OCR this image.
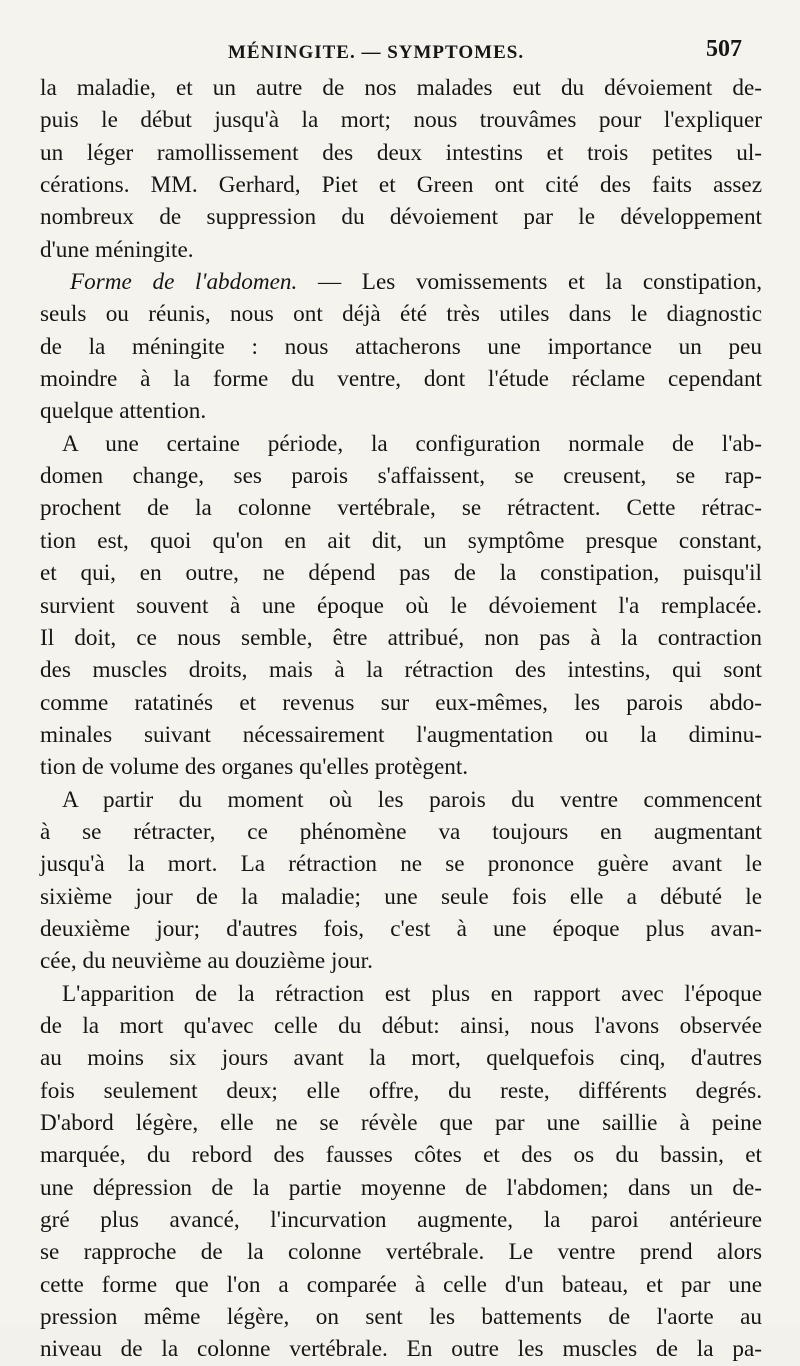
MÉNINGITE. — SYMPTOMES.	507
la maladie, et un autre de nos malades eut du dévoiement de-
puis le début jusqu'à la mort; nous trouvâmes pour l'expliquer
un léger ramollissement des deux intestins et trois petites ul-
cérations. MM. Gerhard, Piet et Green ont cité des faits assez
nombreux de suppression du dévoiement par le développement
d'une méningite.
Forme de l'abdomen. — Les vomissements et la constipation,
seuls ou réunis, nous ont déjà été très utiles dans le diagnostic
de la méningite : nous attacherons une importance un peu
moindre à la forme du ventre, dont l'étude réclame cependant
quelque attention.
A une certaine période, la configuration normale de l'ab-
domen change, ses parois s'affaissent, se creusent, se rap-
prochent de la colonne vertébrale, se rétractent. Cette rétrac-
tion est, quoi qu'on en ait dit, un symptôme presque constant,
et qui, en outre, ne dépend pas de la constipation, puisqu'il
survient souvent à une époque où le dévoiement l'a remplacée.
Il doit, ce nous semble, être attribué, non pas à la contraction
des muscles droits, mais à la rétraction des intestins, qui sont
comme ratatinés et revenus sur eux-mêmes, les parois abdo-
minales suivant nécessairement l'augmentation ou la diminu-
tion de volume des organes qu'elles protègent.
A partir du moment où les parois du ventre commencent
à se rétracter, ce phénomène va toujours en augmentant
jusqu'à la mort. La rétraction ne se prononce guère avant le
sixième jour de la maladie; une seule fois elle a débuté le
deuxième jour; d'autres fois, c'est à une époque plus avan-
cée, du neuvième au douzième jour.
L'apparition de la rétraction est plus en rapport avec l'époque
de la mort qu'avec celle du début: ainsi, nous l'avons observée
au moins six jours avant la mort, quelquefois cinq, d'autres
fois seulement deux; elle offre, du reste, différents degrés.
D'abord légère, elle ne se révèle que par une saillie à peine
marquée, du rebord des fausses côtes et des os du bassin, et
une dépression de la partie moyenne de l'abdomen; dans un de-
gré plus avancé, l'incurvation augmente, la paroi antérieure
se rapproche de la colonne vertébrale. Le ventre prend alors
cette forme que l'on a comparée à celle d'un bateau, et par une
pression même légère, on sent les battements de l'aorte au
niveau de la colonne vertébrale. En outre les muscles de la pa-
